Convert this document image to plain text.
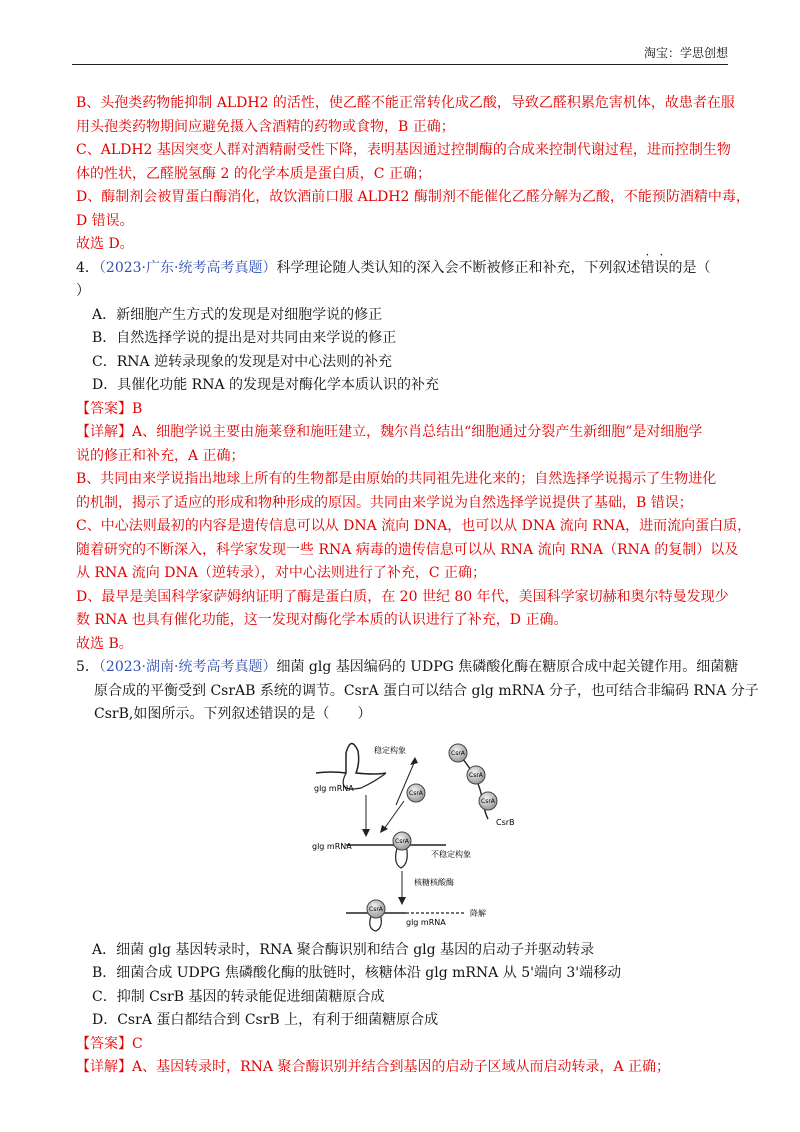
淘宝：学思创想
B、头孢类药物能抑制 ALDH2 的活性，使乙醛不能正常转化成乙酸，导致乙醛积累危害机体，故患者在服
用头孢类药物期间应避免摄入含酒精的药物或食物，B 正确；
C、ALDH2 基因突变人群对酒精耐受性下降，表明基因通过控制酶的合成来控制代谢过程，进而控制生物
体的性状，乙醛脱氢酶 2 的化学本质是蛋白质，C 正确；
D、酶制剂会被胃蛋白酶消化，故饮酒前口服 ALDH2 酶制剂不能催化乙醛分解为乙酸，不能预防酒精中毒，
D 错误。
故选 D。
4．（2023·广东·统考高考真题）科学理论随人类认知的深入会不断被修正和补充，下列叙述错误的是（
）
A．新细胞产生方式的发现是对细胞学说的修正
B．自然选择学说的提出是对共同由来学说的修正
C．RNA 逆转录现象的发现是对中心法则的补充
D．具催化功能 RNA 的发现是对酶化学本质认识的补充
【答案】B
【详解】A、细胞学说主要由施莱登和施旺建立，魏尔肖总结出“细胞通过分裂产生新细胞”是对细胞学
说的修正和补充，A 正确；
B、共同由来学说指出地球上所有的生物都是由原始的共同祖先进化来的；自然选择学说揭示了生物进化
的机制，揭示了适应的形成和物种形成的原因。共同由来学说为自然选择学说提供了基础，B 错误；
C、中心法则最初的内容是遗传信息可以从 DNA 流向 DNA，也可以从 DNA 流向 RNA，进而流向蛋白质，
随着研究的不断深入，科学家发现一些 RNA 病毒的遗传信息可以从 RNA 流向 RNA（RNA 的复制）以及
从 RNA 流向 DNA（逆转录），对中心法则进行了补充，C 正确；
D、最早是美国科学家萨姆纳证明了酶是蛋白质，在 20 世纪 80 年代，美国科学家切赫和奥尔特曼发现少
数 RNA 也具有催化功能，这一发现对酶化学本质的认识进行了补充，D 正确。
故选 B。
5．（2023·湖南·统考高考真题）细菌 glg 基因编码的 UDPG 焦磷酸化酶在糖原合成中起关键作用。细菌糖
原合成的平衡受到 CsrAB 系统的调节。CsrA 蛋白可以结合 glg mRNA 分子，也可结合非编码 RNA 分子
CsrB,如图所示。下列叙述错误的是（　　）
稳定构象
glg mRNA
CsrA
CsrA
CsrA
CsrB
CsrA
CsrA
glg mRNA
不稳定构象
核糖核酸酶
CsrA
glg mRNA
降解
A．细菌 glg 基因转录时，RNA 聚合酶识别和结合 glg 基因的启动子并驱动转录
B．细菌合成 UDPG 焦磷酸化酶的肽链时，核糖体沿 glg mRNA 从 5'端向 3'端移动
C．抑制 CsrB 基因的转录能促进细菌糖原合成
D．CsrA 蛋白都结合到 CsrB 上，有利于细菌糖原合成
【答案】C
【详解】A、基因转录时，RNA 聚合酶识别并结合到基因的启动子区域从而启动转录，A 正确；
